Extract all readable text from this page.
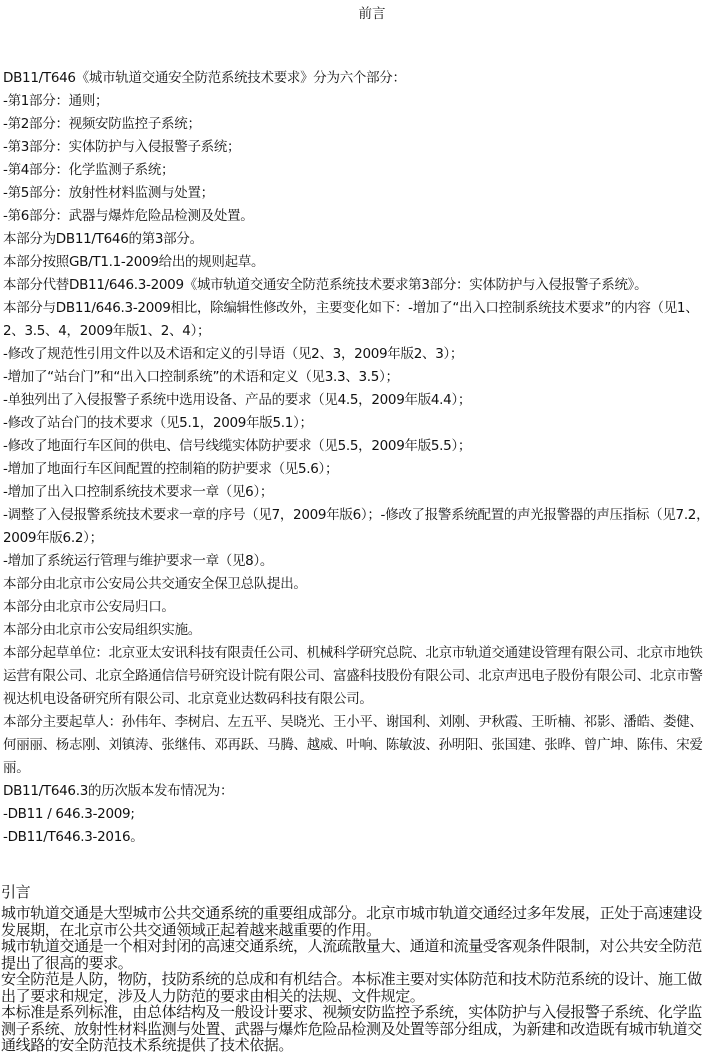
前言

DB11/T646《城市轨道交通安全防范系统技术要求》分为六个部分：

-第1部分：通则；

-第2部分：视频安防监控子系统；

-第3部分：实体防护与入侵报警子系统；

-第4部分：化学监测子系统；

-第5部分：放射性材料监测与处置；

-第6部分：武器与爆炸危险品检测及处置。

本部分为DB11/T646的第3部分。

本部分按照GB/T1.1-2009给出的规则起草。

本部分代替DB11/646.3-2009《城市轨道交通安全防范系统技术要求第3部分：实体防护与入侵报警子系统》。

本部分与DB11/646.3-2009相比，除编辑性修改外，主要变化如下：-增加了“出入口控制系统技术要求”的内容（见1、2、3.5、4，2009年版1、2、4）；

-修改了规范性引用文件以及术语和定义的引导语（见2、3，2009年版2、3）；

-增加了“站台门”和“出入口控制系统”的术语和定义（见3.3、3.5）；

-单独列出了入侵报警子系统中选用设备、产品的要求（见4.5，2009年版4.4）；

-修改了站台门的技术要求（见5.1，2009年版5.1）；

-修改了地面行车区间的供电、信号线缆实体防护要求（见5.5，2009年版5.5）；

-增加了地面行车区间配置的控制箱的防护要求（见5.6）；

-增加了出入口控制系统技术要求一章（见6）；

-调整了入侵报警系统技术要求一章的序号（见7，2009年版6）；-修改了报警系统配置的声光报警器的声压指标（见7.2，2009年版6.2）；

-增加了系统运行管理与维护要求一章（见8）。

本部分由北京市公安局公共交通安全保卫总队提出。

本部分由北京市公安局归口。

本部分由北京市公安局组织实施。

本部分起草单位：北京亚太安讯科技有限责任公司、机械科学研究总院、北京市轨道交通建设管理有限公司、北京市地铁运营有限公司、北京全路通信信号研究设计院有限公司、富盛科技股份有限公司、北京声迅电子股份有限公司、北京市警视达机电设备研究所有限公司、北京竟业达数码科技有限公司。

本部分主要起草人：孙伟年、李树启、左五平、吴晓光、王小平、谢国利、刘刚、尹秋霞、王昕楠、祁影、潘皓、娄健、何丽丽、杨志刚、刘镇涛、张继伟、邓再跃、马腾、越威、叶响、陈敏波、孙明阳、张国建、张晔、曾广坤、陈伟、宋爱丽。

DB11/T646.3的历次版本发布情况为：

-DB11 / 646.3-2009;

-DB11/T646.3-2016。

引言

城市轨道交通是大型城市公共交通系统的重要组成部分。北京市城市轨道交通经过多年发展，正处于高速建设发展期，在北京市公共交通领域正起着越来越重要的作用。

城市轨道交通是一个相对封闭的高速交通系统，人流疏散量大、通道和流量受客观条件限制，对公共安全防范提出了很高的要求。

安全防范是人防，物防，技防系统的总成和有机结合。本标准主要对实体防范和技术防范系统的设计、施工做出了要求和规定，涉及人力防范的要求由相关的法规、文件规定。

本标准是系列标准，由总体结构及一般设计要求、视频安防监控予系统，实体防护与入侵报警子系统、化学监测子系统、放射性材料监测与处置、武器与爆炸危险品检测及处置等部分组成，为新建和改造既有城市轨道交通线路的安全防范技术系统提供了技术依据。
